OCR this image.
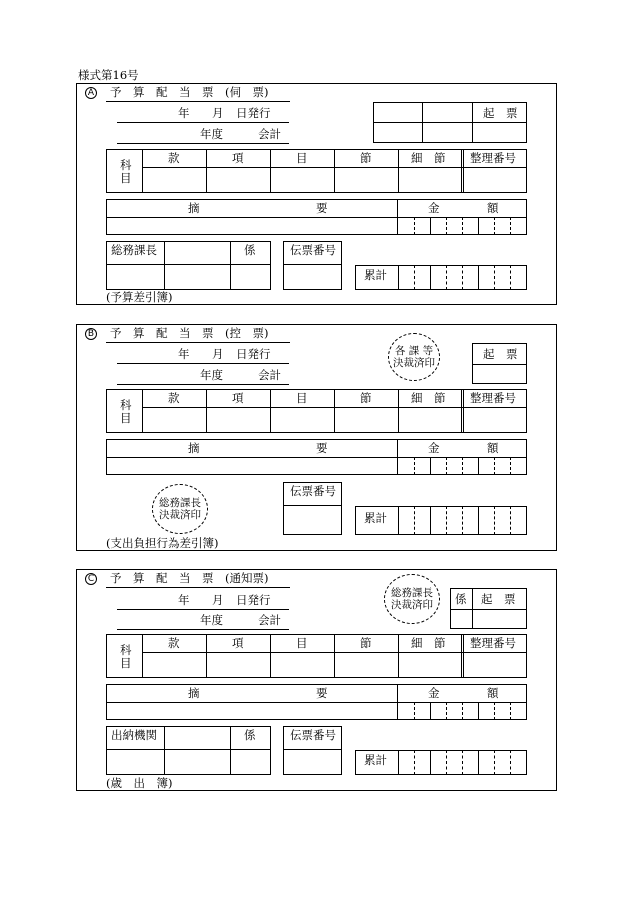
様式第16号
A 予　算　配　当　票　(伺　票)
年 月 日発行
年度	会計
起　票
科目
款	項	目	節	細　節 整理番号
摘	要	金	額
総務課長	係	伝票番号
累計
(予算差引簿)
B 予　算　配　当　票　(控　票)
年 月 日発行
年度	会計
各 課 等
決裁済印
起　票
科目
款	項	目	節	細　節 整理番号
摘	要	金	額
総務課長
決裁済印
伝票番号
累計
(支出負担行為差引簿)
C 予　算　配　当　票　(通知票)
年 月 日発行
年度	会計
総務課長
決裁済印 係 起　票
科目
款	項	目	節	細　節 整理番号
摘	要	金	額
出納機関	係	伝票番号
累計
(歳　出　簿)
